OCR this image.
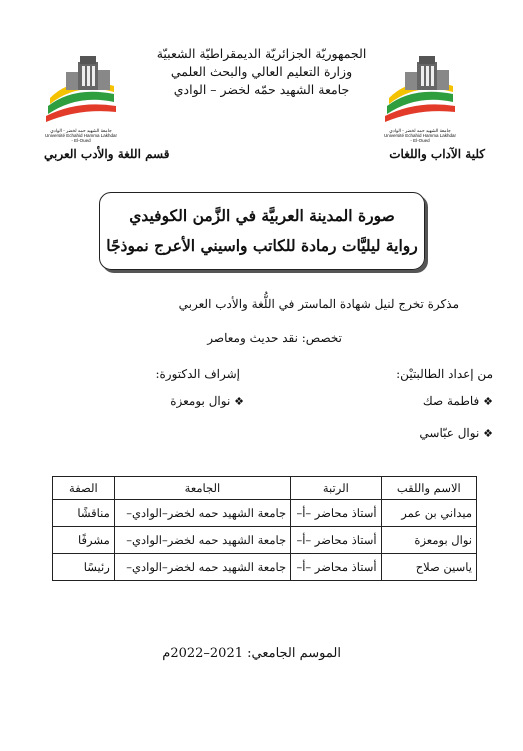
الجمهوريّة الجزائريّة الديمقراطيّة الشعبيّة
وزارة التعليم العالي والبحث العلمي
جامعة الشهيد حمّه لخضر – الوادي
جامعة الشهيد حمه لخضر - الوادي
Université Echahid Hamma Lakhdar - El-Oued
جامعة الشهيد حمه لخضر - الوادي
Université Echahid Hamma Lakhdar - El-Oued
كلية الآداب واللغات
قسم اللغة والأدب العربي
صورة المدينة العربيَّة في الزَّمن الكوفيدي
رواية ليليَّات رمادة للكاتب واسيني الأعرج نموذجًا
مذكرة تخرج لنيل شهادة الماستر في اللُّغة والأدب العربي
تخصص: نقد حديث ومعاصر
من إعداد الطالبتيْن:
إشراف الدكتورة:
❖ فاطمة صك
❖ نوال بومعزة
❖ نوال عبّاسي
الاسم واللقب	الرتبة	الجامعة	الصفة
ميداني بن عمر	أستاذ محاضر –أ–	جامعة الشهيد حمه لخضر–الوادي–	مناقشًا
نوال بومعزة	أستاذ محاضر –أ–	جامعة الشهيد حمه لخضر–الوادي–	مشرفًا
ياسين صلاح	أستاذ محاضر –أ–	جامعة الشهيد حمه لخضر–الوادي–	رئيسًا
الموسم الجامعي: 2021–2022م
